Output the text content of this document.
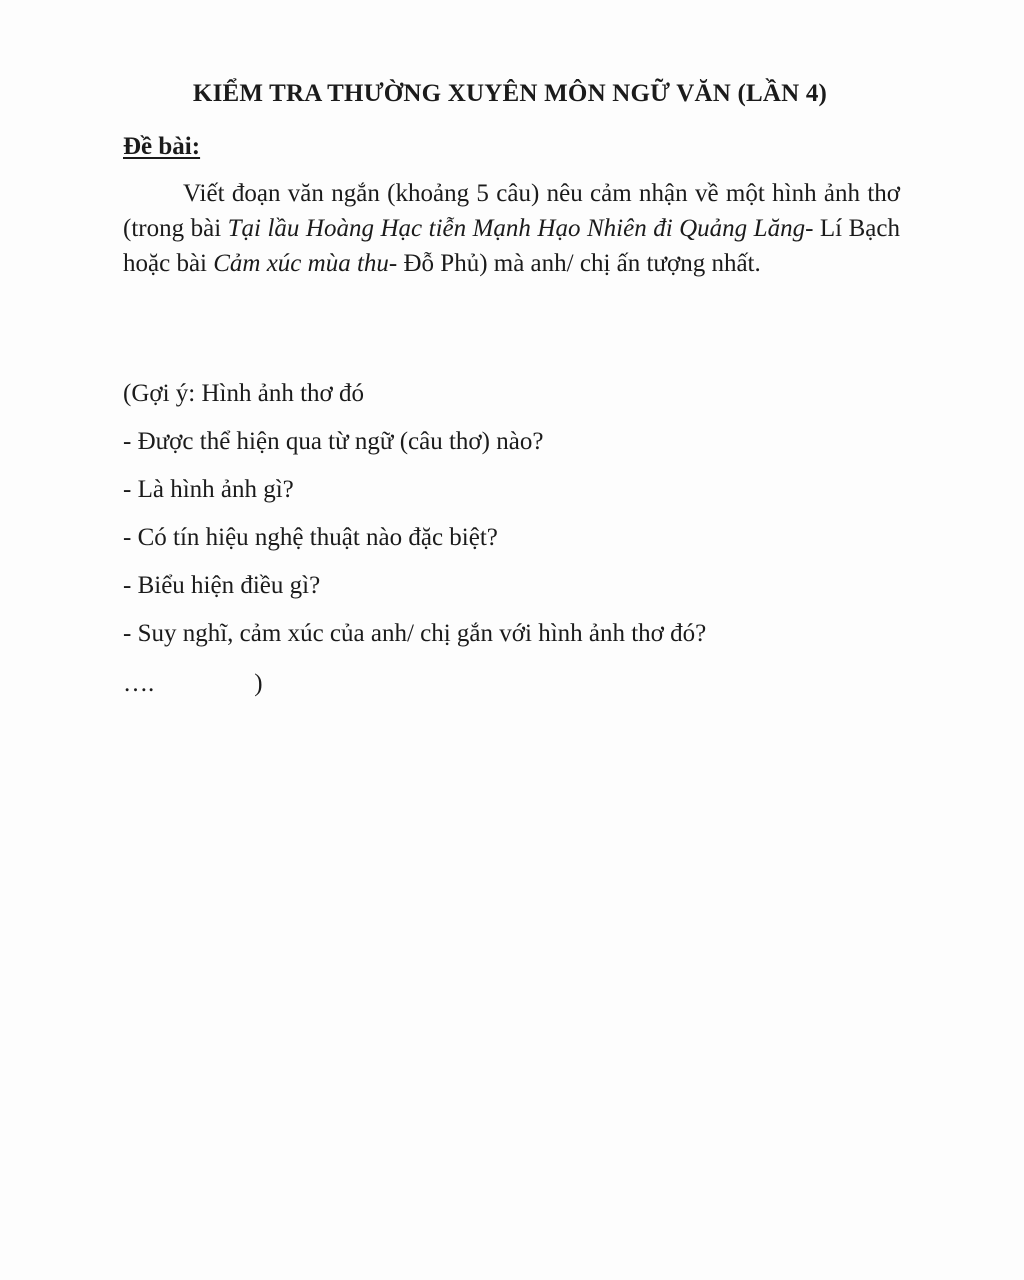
KIỂM TRA THƯỜNG XUYÊN MÔN NGỮ VĂN (LẦN 4)
Đề bài:

Viết đoạn văn ngắn (khoảng 5 câu) nêu cảm nhận về một hình ảnh thơ (trong bài Tại lầu Hoàng Hạc tiễn Mạnh Hạo Nhiên đi Quảng Lăng- Lí Bạch hoặc bài Cảm xúc mùa thu- Đỗ Phủ) mà anh/ chị ấn tượng nhất.

(Gợi ý: Hình ảnh thơ đó
- Được thể hiện qua từ ngữ (câu thơ) nào?
- Là hình ảnh gì?
- Có tín hiệu nghệ thuật nào đặc biệt?
- Biểu hiện điều gì?
- Suy nghĩ, cảm xúc của anh/ chị gắn với hình ảnh thơ đó?
….	)
